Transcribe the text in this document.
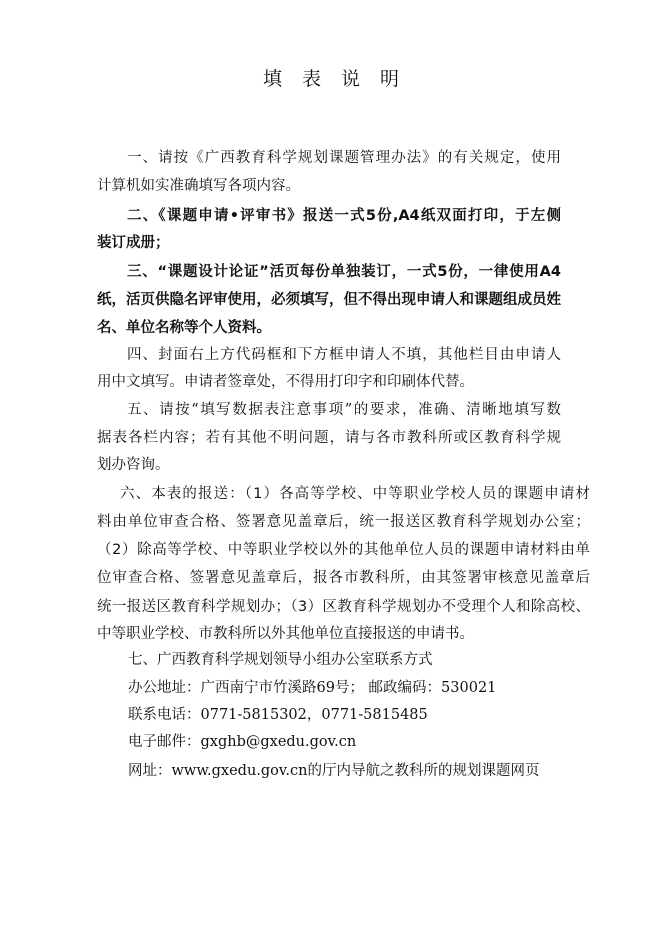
填表说明
一、请按《广西教育科学规划课题管理办法》的有关规定，使用
计算机如实准确填写各项内容。
二、《课题申请•评审书》报送一式5份,A4纸双面打印，于左侧
装订成册；
三、“课题设计论证”活页每份单独装订，一式5份，一律使用A4
纸，活页供隐名评审使用，必须填写，但不得出现申请人和课题组成员姓
名、单位名称等个人资料。
四、封面右上方代码框和下方框申请人不填，其他栏目由申请人
用中文填写。申请者签章处，不得用打印字和印刷体代替。
五、请按“填写数据表注意事项”的要求，准确、清晰地填写数
据表各栏内容；若有其他不明问题，请与各市教科所或区教育科学规
划办咨询。
六、本表的报送：（1）各高等学校、中等职业学校人员的课题申请材
料由单位审查合格、签署意见盖章后，统一报送区教育科学规划办公室；
（2）除高等学校、中等职业学校以外的其他单位人员的课题申请材料由单
位审查合格、签署意见盖章后，报各市教科所，由其签署审核意见盖章后
统一报送区教育科学规划办；（3）区教育科学规划办不受理个人和除高校、
中等职业学校、市教科所以外其他单位直接报送的申请书。
七、广西教育科学规划领导小组办公室联系方式
办公地址：广西南宁市竹溪路69号； 邮政编码：530021
联系电话：0771-5815302，0771-5815485
电子邮件：gxghb@gxedu.gov.cn
网址：www.gxedu.gov.cn的厅内导航之教科所的规划课题网页
